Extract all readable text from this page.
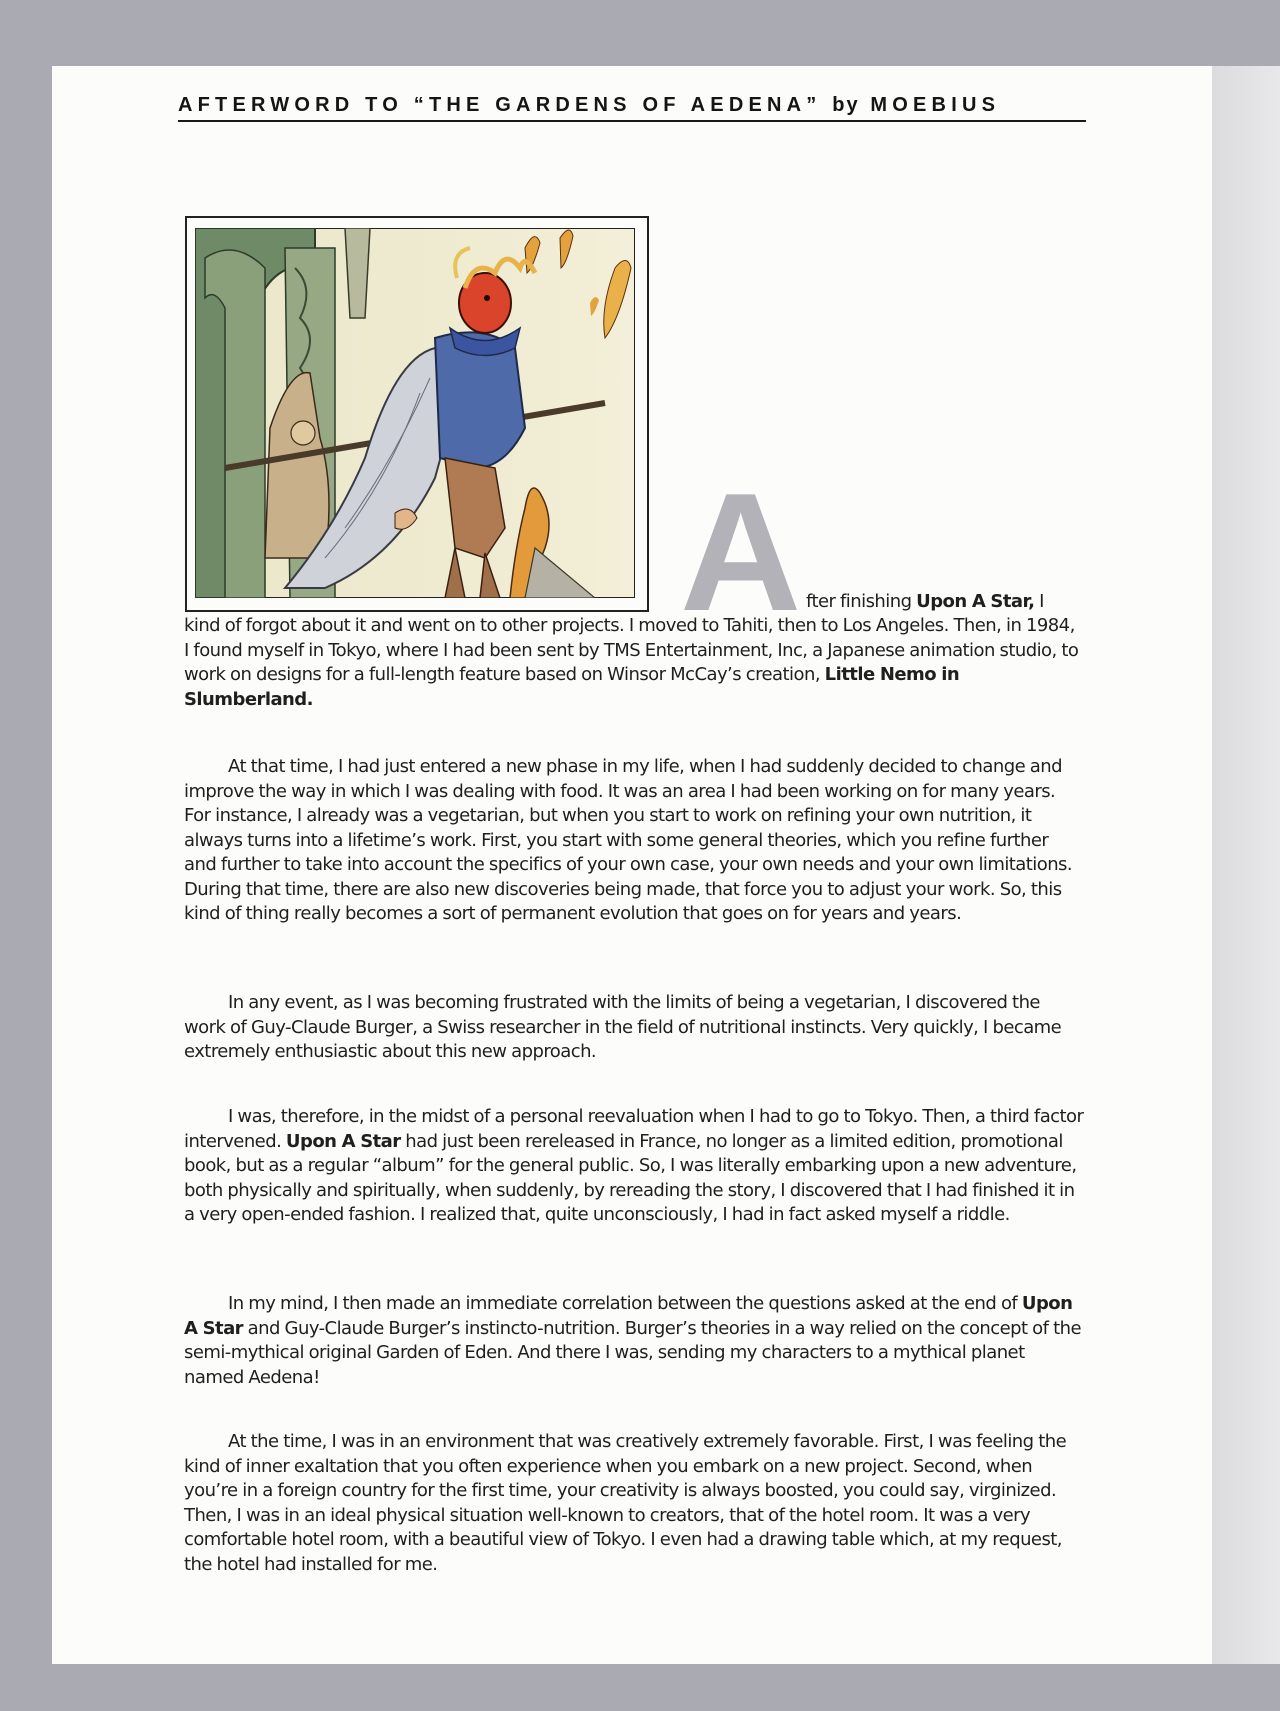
AFTERWORD TO “THE GARDENS OF AEDENA” by MOEBIUS
A fter finishing Upon A Star, I
kind of forgot about it and went on to other projects. I moved to Tahiti, then to Los Angeles. Then, in 1984, I found myself in Tokyo, where I had been sent by TMS Entertainment, Inc, a Japanese animation studio, to work on designs for a full-length feature based on Winsor McCay’s creation, Little Nemo in Slumberland.
At that time, I had just entered a new phase in my life, when I had suddenly decided to change and improve the way in which I was dealing with food. It was an area I had been working on for many years. For instance, I already was a vegetarian, but when you start to work on refining your own nutrition, it always turns into a lifetime’s work. First, you start with some general theories, which you refine further and further to take into account the specifics of your own case, your own needs and your own limitations. During that time, there are also new discoveries being made, that force you to adjust your work. So, this kind of thing really becomes a sort of permanent evolution that goes on for years and years.
In any event, as I was becoming frustrated with the limits of being a vegetarian, I discovered the work of Guy-Claude Burger, a Swiss researcher in the field of nutritional instincts. Very quickly, I became extremely enthusiastic about this new approach.
I was, therefore, in the midst of a personal reevaluation when I had to go to Tokyo. Then, a third factor intervened. Upon A Star had just been rereleased in France, no longer as a limited edition, promotional book, but as a regular “album” for the general public. So, I was literally embarking upon a new adventure, both physically and spiritually, when suddenly, by rereading the story, I discovered that I had finished it in a very open-ended fashion. I realized that, quite unconsciously, I had in fact asked myself a riddle.
In my mind, I then made an immediate correlation between the questions asked at the end of Upon A Star and Guy-Claude Burger’s instincto-nutrition. Burger’s theories in a way relied on the concept of the semi-mythical original Garden of Eden. And there I was, sending my characters to a mythical planet named Aedena!
At the time, I was in an environment that was creatively extremely favorable. First, I was feeling the kind of inner exaltation that you often experience when you embark on a new project. Second, when you’re in a foreign country for the first time, your creativity is always boosted, you could say, virginized. Then, I was in an ideal physical situation well-known to creators, that of the hotel room. It was a very comfortable hotel room, with a beautiful view of Tokyo. I even had a drawing table which, at my request, the hotel had installed for me.
